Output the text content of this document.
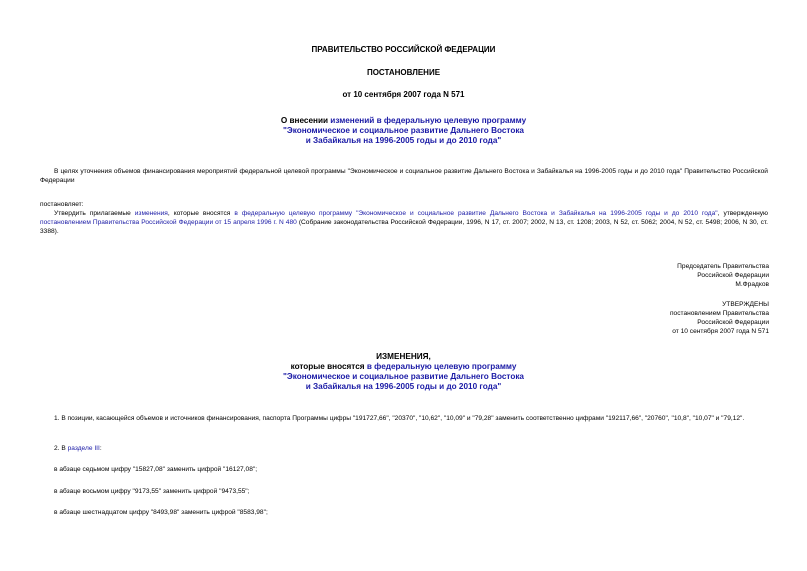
ПРАВИТЕЛЬСТВО РОССИЙСКОЙ ФЕДЕРАЦИИ
ПОСТАНОВЛЕНИЕ
от 10 сентября 2007 года N 571
О внесении изменений в федеральную целевую программу
"Экономическое и социальное развитие Дальнего Востока
и Забайкалья на 1996-2005 годы и до 2010 года"
В целях уточнения объемов финансирования мероприятий федеральной целевой программы "Экономическое и социальное развитие Дальнего Востока и Забайкалья на 1996-2005 годы и до 2010 года" Правительство Российской Федерации
постановляет:
Утвердить прилагаемые изменения, которые вносятся в федеральную целевую программу "Экономическое и социальное развитие Дальнего Востока и Забайкалья на 1996-2005 годы и до 2010 года", утвержденную постановлением Правительства Российской Федерации от 15 апреля 1996 г. N 480 (Собрание законодательства Российской Федерации, 1996, N 17, ст. 2007; 2002, N 13, ст. 1208; 2003, N 52, ст. 5062; 2004, N 52, ст. 5498; 2006, N 30, ст. 3388).
Председатель Правительства
Российской Федерации
М.Фрадков
УТВЕРЖДЕНЫ
постановлением Правительства
Российской Федерации
от 10 сентября 2007 года N 571
ИЗМЕНЕНИЯ,
которые вносятся в федеральную целевую программу
"Экономическое и социальное развитие Дальнего Востока
и Забайкалья на 1996-2005 годы и до 2010 года"
1. В позиции, касающейся объемов и источников финансирования, паспорта Программы цифры "191727,66", "20370", "10,62", "10,09" и "79,28" заменить соответственно цифрами "192117,66", "20760", "10,8", "10,07" и "79,12".
2. В разделе III:
в абзаце седьмом цифру "15827,08" заменить цифрой "16127,08";
в абзаце восьмом цифру "9173,55" заменить цифрой "9473,55";
в абзаце шестнадцатом цифру "8493,98" заменить цифрой "8583,98";
